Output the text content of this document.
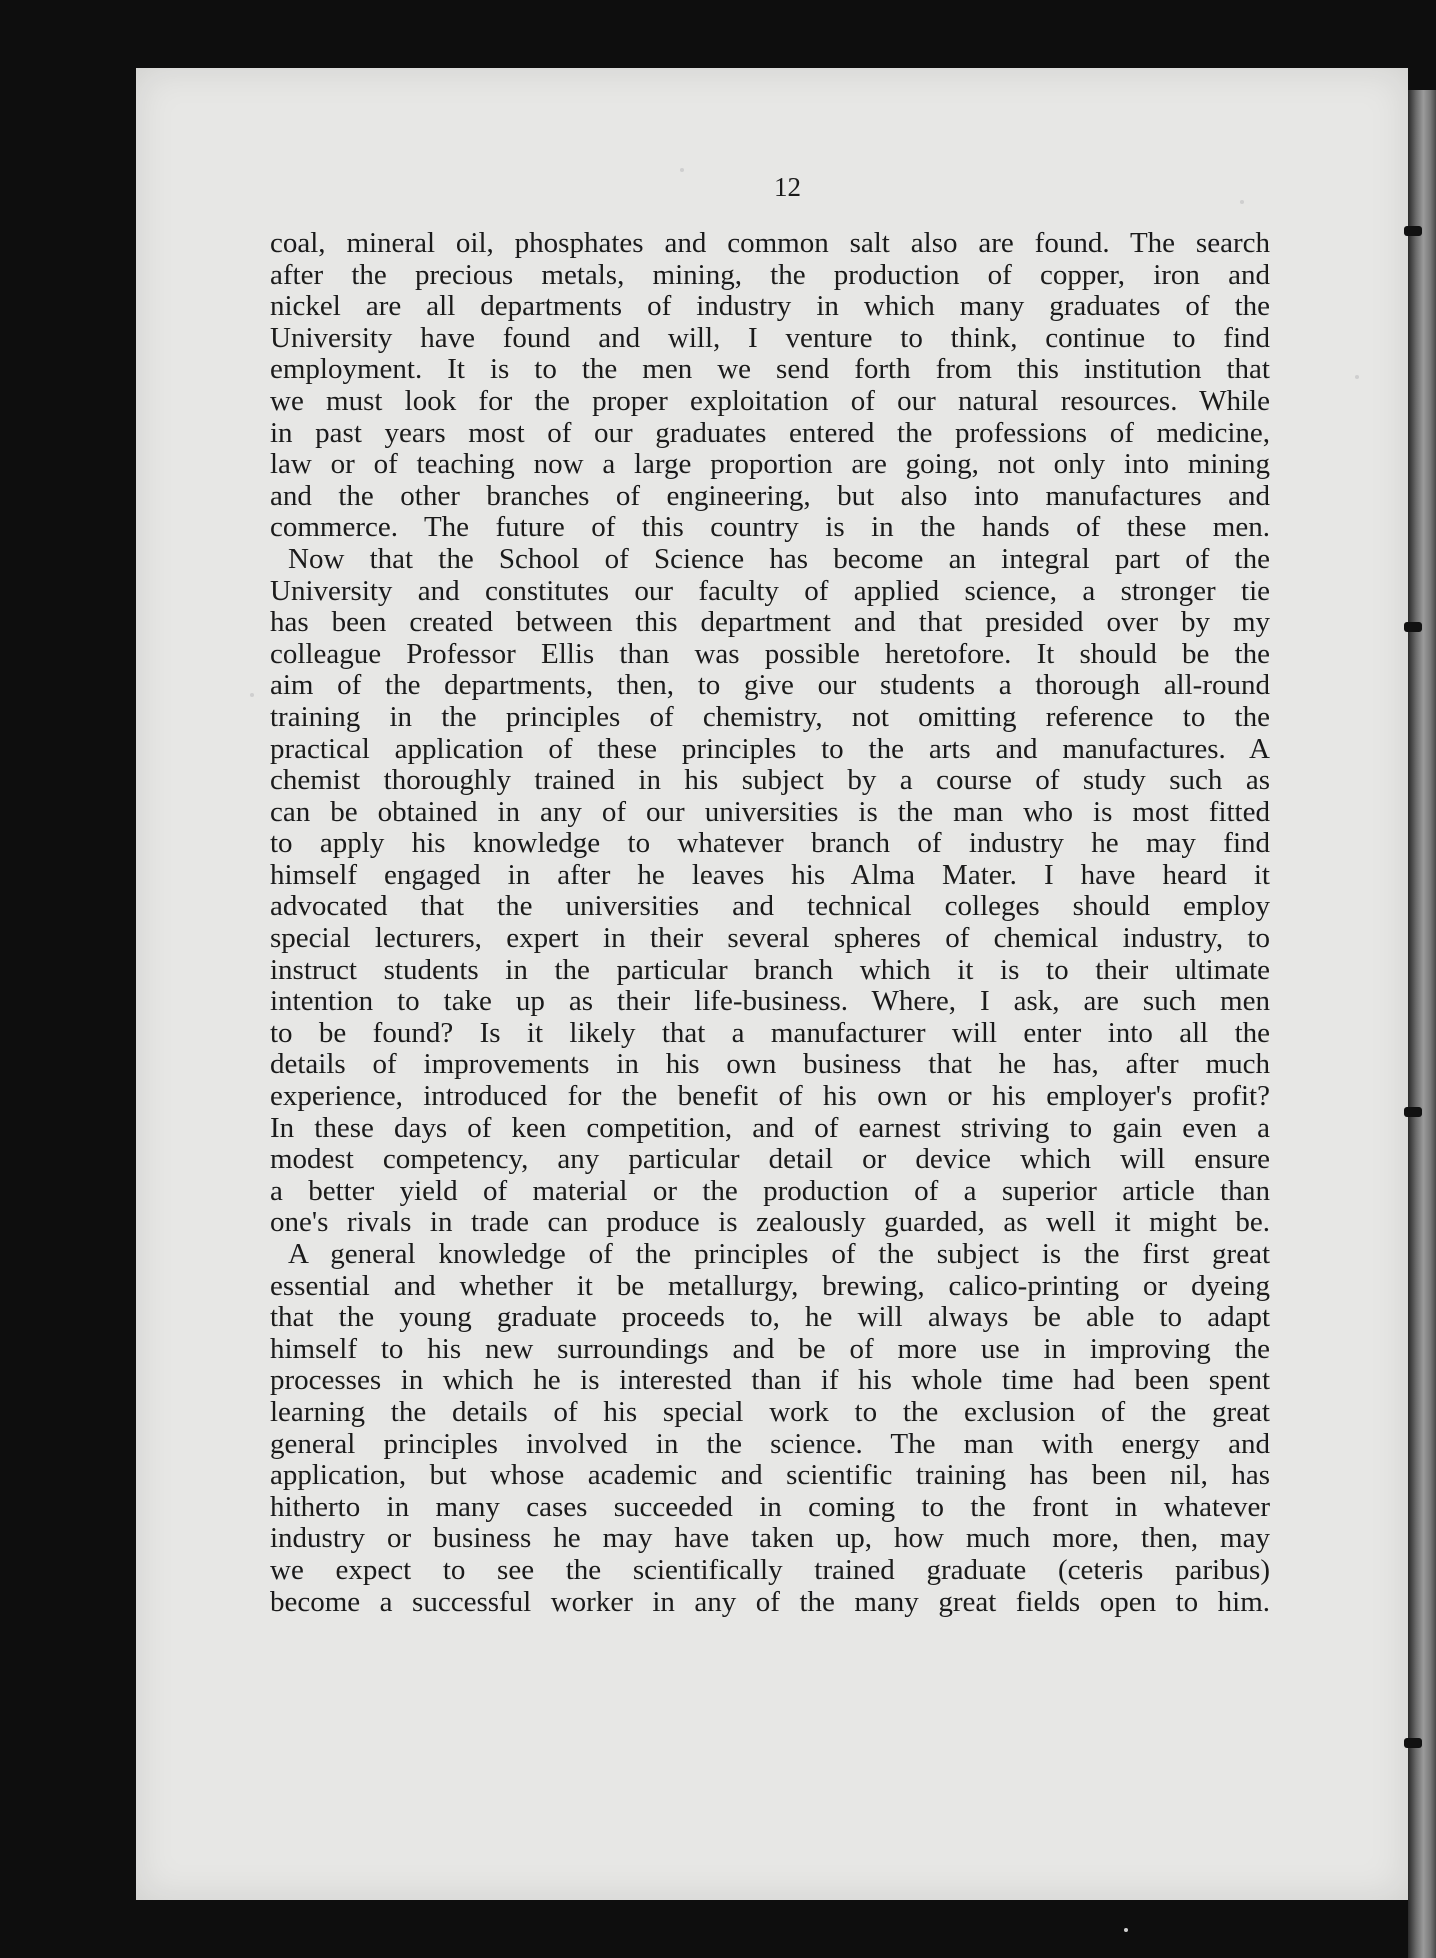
12
coal, mineral oil, phosphates and common salt also are found. The search
after the precious metals, mining, the production of copper, iron and
nickel are all departments of industry in which many graduates of the
University have found and will, I venture to think, continue to find
employment. It is to the men we send forth from this institution that
we must look for the proper exploitation of our natural resources. While
in past years most of our graduates entered the professions of medicine,
law or of teaching now a large proportion are going, not only into mining
and the other branches of engineering, but also into manufactures and
commerce. The future of this country is in the hands of these men.
Now that the School of Science has become an integral part of the
University and constitutes our faculty of applied science, a stronger tie
has been created between this department and that presided over by my
colleague Professor Ellis than was possible heretofore. It should be the
aim of the departments, then, to give our students a thorough all-round
training in the principles of chemistry, not omitting reference to the
practical application of these principles to the arts and manufactures. A
chemist thoroughly trained in his subject by a course of study such as
can be obtained in any of our universities is the man who is most fitted
to apply his knowledge to whatever branch of industry he may find
himself engaged in after he leaves his Alma Mater. I have heard it
advocated that the universities and technical colleges should employ
special lecturers, expert in their several spheres of chemical industry, to
instruct students in the particular branch which it is to their ultimate
intention to take up as their life-business. Where, I ask, are such men
to be found? Is it likely that a manufacturer will enter into all the
details of improvements in his own business that he has, after much
experience, introduced for the benefit of his own or his employer's profit?
In these days of keen competition, and of earnest striving to gain even a
modest competency, any particular detail or device which will ensure
a better yield of material or the production of a superior article than
one's rivals in trade can produce is zealously guarded, as well it might be.
A general knowledge of the principles of the subject is the first great
essential and whether it be metallurgy, brewing, calico-printing or dyeing
that the young graduate proceeds to, he will always be able to adapt
himself to his new surroundings and be of more use in improving the
processes in which he is interested than if his whole time had been spent
learning the details of his special work to the exclusion of the great
general principles involved in the science. The man with energy and
application, but whose academic and scientific training has been nil, has
hitherto in many cases succeeded in coming to the front in whatever
industry or business he may have taken up, how much more, then, may
we expect to see the scientifically trained graduate (ceteris paribus)
become a successful worker in any of the many great fields open to him.
